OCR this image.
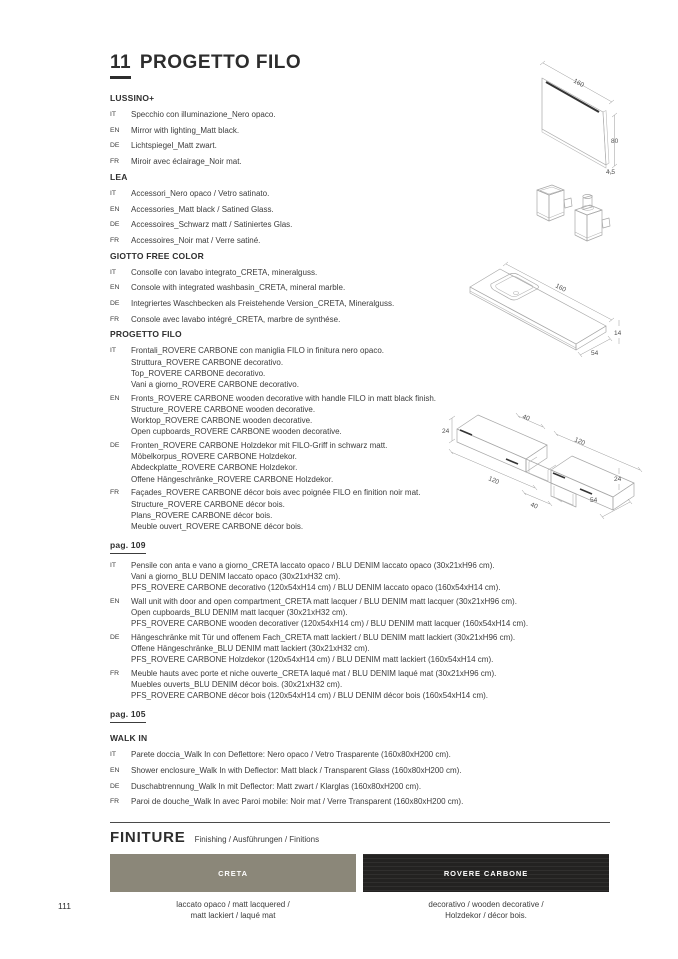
11 PROGETTO FILO
LUSSINO+
IT	Specchio con illuminazione_Nero opaco.
EN	Mirror with lighting_Matt black.
DE	Lichtspiegel_Matt zwart.
FR	Miroir avec éclairage_Noir mat.
LEA
IT	Accessori_Nero opaco / Vetro satinato.
EN	Accessories_Matt black / Satined Glass.
DE	Accessoires_Schwarz matt / Satiniertes Glas.
FR	Accessoires_Noir mat / Verre satiné.
GIOTTO FREE COLOR
IT	Consolle con lavabo integrato_CRETA, mineralguss.
EN	Console with integrated washbasin_CRETA, mineral marble.
DE	Integriertes Waschbecken als Freistehende Version_CRETA, Mineralguss.
FR	Console avec lavabo intégré_CRETA, marbre de synthése.
PROGETTO FILO
IT	Frontali_ROVERE CARBONE con maniglia FILO in finitura nero opaco.
Struttura_ROVERE CARBONE decorativo.
Top_ROVERE CARBONE decorativo.
Vani a giorno_ROVERE CARBONE decorativo.
EN	Fronts_ROVERE CARBONE wooden decorative with handle FILO in matt black finish.
Structure_ROVERE CARBONE wooden decorative.
Worktop_ROVERE CARBONE wooden decorative.
Open cupboards_ROVERE CARBONE wooden decorative.
DE	Fronten_ROVERE CARBONE Holzdekor mit FILO-Griff in schwarz matt.
Möbelkorpus_ROVERE CARBONE Holzdekor.
Abdeckplatte_ROVERE CARBONE Holzdekor.
Offene Hängeschränke_ROVERE CARBONE Holzdekor.
FR	Façades_ROVERE CARBONE décor bois avec poignée FILO en finition noir mat.
Structure_ROVERE CARBONE décor bois.
Plans_ROVERE CARBONE décor bois.
Meuble ouvert_ROVERE CARBONE décor bois.
pag. 109
IT	Pensile con anta e vano a giorno_CRETA laccato opaco / BLU DENIM laccato opaco (30x21xH96 cm).
Vani a giorno_BLU DENIM laccato opaco (30x21xH32 cm).
PFS_ROVERE CARBONE decorativo (120x54xH14 cm) / BLU DENIM laccato opaco (160x54xH14 cm).
EN	Wall unit with door and open compartment_CRETA matt lacquer / BLU DENIM matt lacquer (30x21xH96 cm).
Open cupboards_BLU DENIM matt lacquer (30x21xH32 cm).
PFS_ROVERE CARBONE wooden decorativer (120x54xH14 cm) / BLU DENIM matt lacquer (160x54xH14 cm).
DE	Hängeschränke mit Tür und offenem Fach_CRETA matt lackiert / BLU DENIM matt lackiert (30x21xH96 cm).
Offene Hängeschränke_BLU DENIM matt lackiert (30x21xH32 cm).
PFS_ROVERE CARBONE Holzdekor (120x54xH14 cm) / BLU DENIM matt lackiert (160x54xH14 cm).
FR	Meuble hauts avec porte et niche ouverte_CRETA laqué mat / BLU DENIM laqué mat (30x21xH96 cm).
Muebles ouverts_BLU DENIM décor bois. (30x21xH32 cm).
PFS_ROVERE CARBONE décor bois (120x54xH14 cm) / BLU DENIM décor bois (160x54xH14 cm).
pag. 105
WALK IN
IT	Parete doccia_Walk In con Deflettore: Nero opaco / Vetro Trasparente (160x80xH200 cm).
EN	Shower enclosure_Walk In with Deflector: Matt black / Transparent Glass (160x80xH200 cm).
DE	Duschabtrennung_Walk In mit Deflector: Matt zwart / Klarglas (160x80xH200 cm).
FR	Paroi de douche_Walk In avec Paroi mobile: Noir mat / Verre Transparent (160x80xH200 cm).
160
80
4,5
160
14
54
24
40
120
120
40
24
54
FINITURE Finishing / Ausführungen / Finitions
CRETA	ROVERE CARBONE
laccato opaco / matt lacquered /
matt lackiert / laqué mat
decorativo / wooden decorative /
Holzdekor / décor bois.
111
